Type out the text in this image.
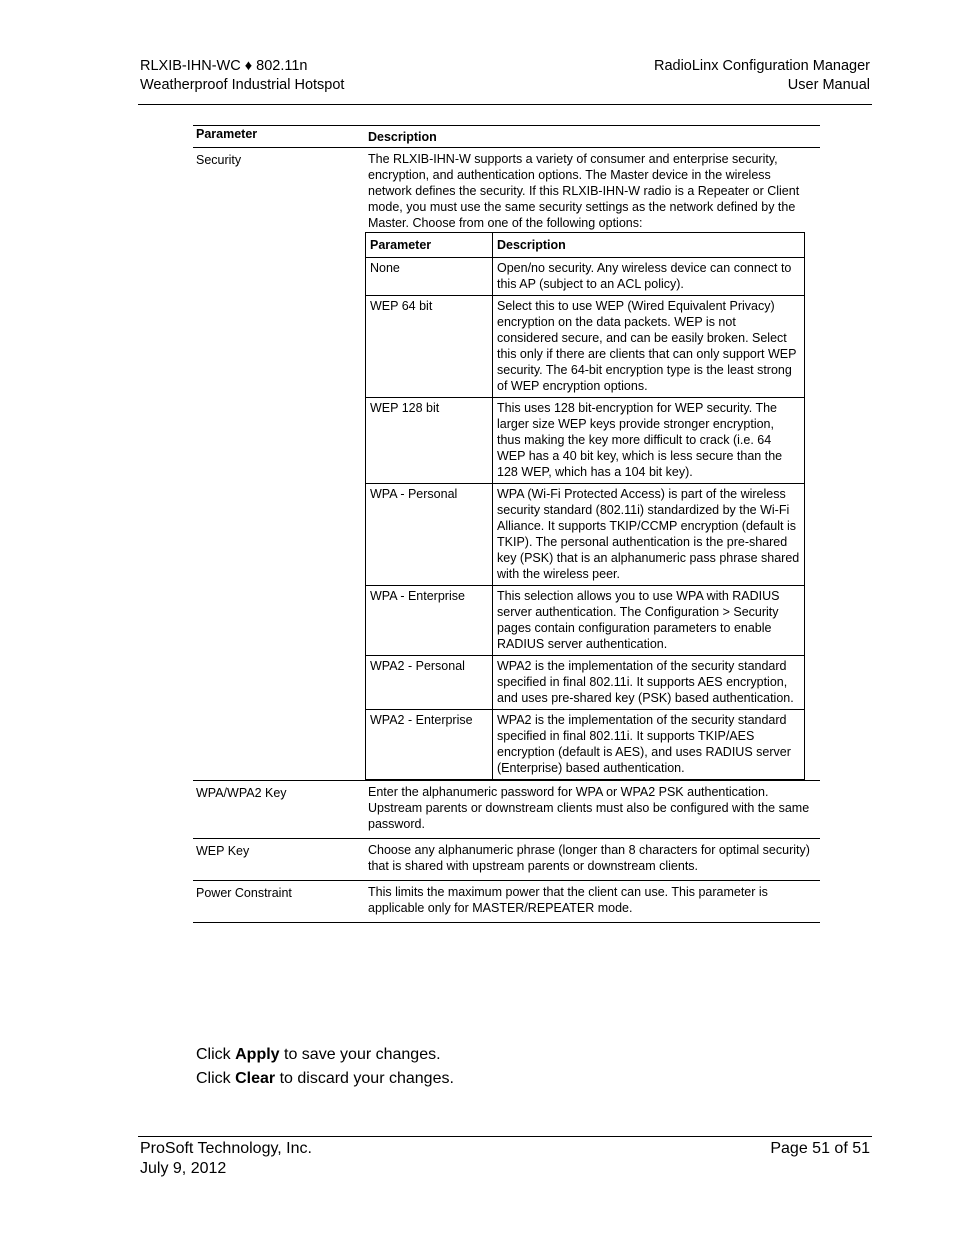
RLXIB-IHN-WC ♦ 802.11n
Weatherproof Industrial Hotspot
RadioLinx Configuration Manager
User Manual
Parameter	Description
Security	The RLXIB-IHN-W supports a variety of consumer and enterprise security, encryption, and authentication options. The Master device in the wireless network defines the security. If this RLXIB-IHN-W radio is a Repeater or Client mode, you must use the same security settings as the network defined by the Master. Choose from one of the following options:
Parameter	Description
None	Open/no security. Any wireless device can connect to this AP (subject to an ACL policy).
WEP 64 bit	Select this to use WEP (Wired Equivalent Privacy) encryption on the data packets. WEP is not considered secure, and can be easily broken. Select this only if there are clients that can only support WEP security. The 64-bit encryption type is the least strong of WEP encryption options.
WEP 128 bit	This uses 128 bit-encryption for WEP security. The larger size WEP keys provide stronger encryption, thus making the key more difficult to crack (i.e. 64 WEP has a 40 bit key, which is less secure than the 128 WEP, which has a 104 bit key).
WPA - Personal	WPA (Wi-Fi Protected Access) is part of the wireless security standard (802.11i) standardized by the Wi-Fi Alliance. It supports TKIP/CCMP encryption (default is TKIP). The personal authentication is the pre-shared key (PSK) that is an alphanumeric pass phrase shared with the wireless peer.
WPA - Enterprise	This selection allows you to use WPA with RADIUS server authentication. The Configuration > Security pages contain configuration parameters to enable RADIUS server authentication.
WPA2 - Personal	WPA2 is the implementation of the security standard specified in final 802.11i. It supports AES encryption, and uses pre-shared key (PSK) based authentication.
WPA2 - Enterprise	WPA2 is the implementation of the security standard specified in final 802.11i. It supports TKIP/AES encryption (default is AES), and uses RADIUS server (Enterprise) based authentication.
WPA/WPA2 Key	Enter the alphanumeric password for WPA or WPA2 PSK authentication. Upstream parents or downstream clients must also be configured with the same password.
WEP Key	Choose any alphanumeric phrase (longer than 8 characters for optimal security) that is shared with upstream parents or downstream clients.
Power Constraint	This limits the maximum power that the client can use. This parameter is applicable only for MASTER/REPEATER mode.
Click Apply to save your changes.
Click Clear to discard your changes.
ProSoft Technology, Inc.
July 9, 2012
Page 51 of 51
